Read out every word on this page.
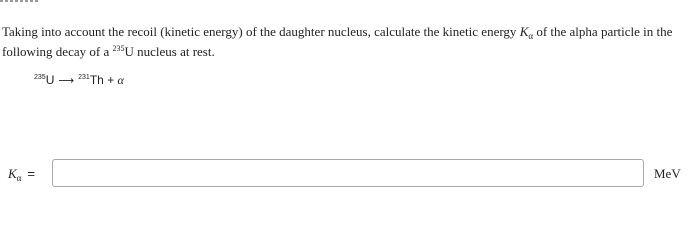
Taking into account the recoil (kinetic energy) of the daughter nucleus, calculate the kinetic energy $K_\alpha$ of the alpha particle in the following decay of a $^{235}$U nucleus at rest.

$^{235}$U ⟶ $^{231}$Th + α
$K_\alpha$ =	MeV
